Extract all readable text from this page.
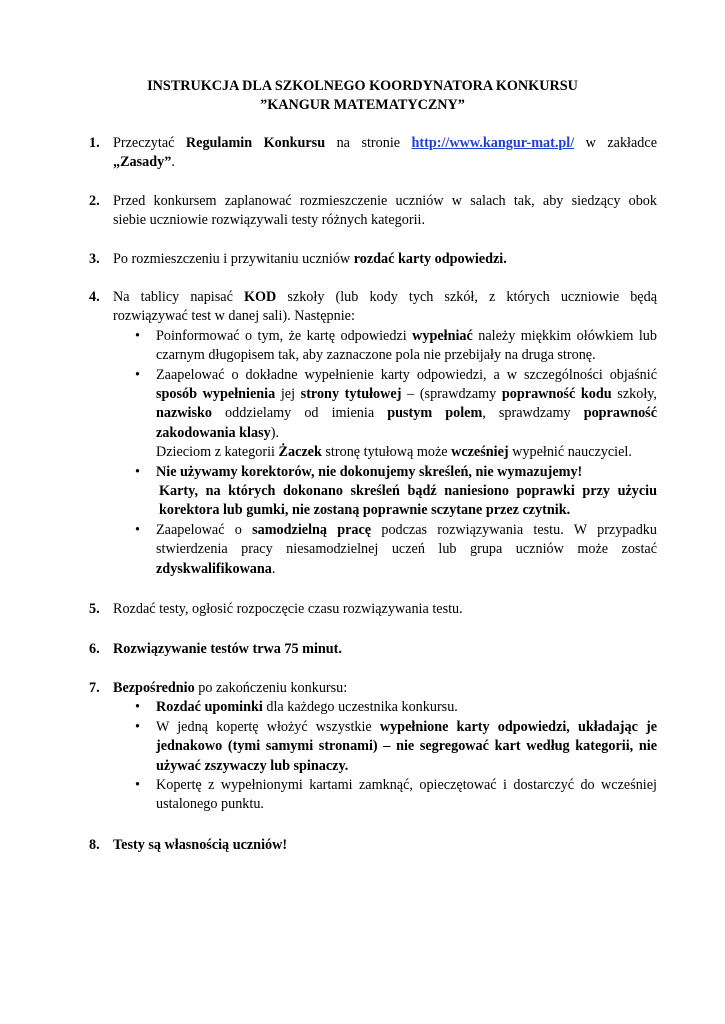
INSTRUKCJA DLA SZKOLNEGO KOORDYNATORA KONKURSU

”KANGUR MATEMATYCZNY”

1. Przeczytać Regulamin Konkursu na stronie http://www.kangur-mat.pl/ w zakładce
„Zasady”.
2. Przed konkursem zaplanować rozmieszczenie uczniów w salach tak, aby siedzący obok
siebie uczniowie rozwiązywali testy różnych kategorii.
3. Po rozmieszczeniu i przywitaniu uczniów rozdać karty odpowiedzi.
4. Na tablicy napisać KOD szkoły (lub kody tych szkół, z których uczniowie będą
rozwiązywać test w danej sali). Następnie:
• Poinformować o tym, że kartę odpowiedzi wypełniać należy miękkim ołówkiem lub
czarnym długopisem tak, aby zaznaczone pola nie przebijały na druga stronę.
• Zaapelować o dokładne wypełnienie karty odpowiedzi, a w szczególności objaśnić
sposób wypełnienia jej strony tytułowej – (sprawdzamy poprawność kodu szkoły,
nazwisko oddzielamy od imienia pustym polem, sprawdzamy poprawność
zakodowania klasy).
Dzieciom z kategorii Żaczek stronę tytułową może wcześniej wypełnić nauczyciel.
• Nie używamy korektorów, nie dokonujemy skreśleń, nie wymazujemy!
Karty, na których dokonano skreśleń bądź naniesiono poprawki przy użyciu
korektora lub gumki, nie zostaną poprawnie sczytane przez czytnik.
• Zaapelować o samodzielną pracę podczas rozwiązywania testu. W przypadku
stwierdzenia pracy niesamodzielnej uczeń lub grupa uczniów może zostać
zdyskwalifikowana.
5. Rozdać testy, ogłosić rozpoczęcie czasu rozwiązywania testu.
6. Rozwiązywanie testów trwa 75 minut.
7. Bezpośrednio po zakończeniu konkursu:
• Rozdać upominki dla każdego uczestnika konkursu.
• W jedną kopertę włożyć wszystkie wypełnione karty odpowiedzi, układając je
jednakowo (tymi samymi stronami) – nie segregować kart według kategorii, nie
używać zszywaczy lub spinaczy.
• Kopertę z wypełnionymi kartami zamknąć, opieczętować i dostarczyć do wcześniej
ustalonego punktu.
8. Testy są własnością uczniów!
